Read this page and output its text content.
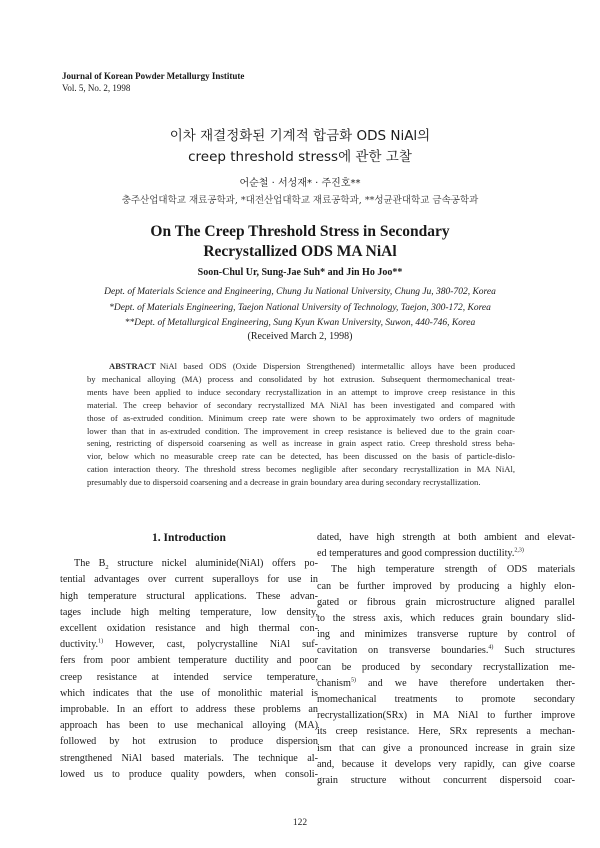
Journal of Korean Powder Metallurgy Institute
Vol. 5, No. 2, 1998
이차 재결정화된 기계적 합금화 ODS NiAl의
creep threshold stress에 관한 고찰
어순철 · 서성재* · 주진호**
충주산업대학교 재료공학과, *대전산업대학교 재료공학과, **성균관대학교 금속공학과
On The Creep Threshold Stress in Secondary
Recrystallized ODS MA NiAl
Soon-Chul Ur, Sung-Jae Suh* and Jin Ho Joo**
Dept. of Materials Science and Engineering, Chung Ju National University, Chung Ju, 380-702, Korea
*Dept. of Materials Engineering, Taejon National University of Technology, Taejon, 300-172, Korea
**Dept. of Metallurgical Engineering, Sung Kyun Kwan University, Suwon, 440-746, Korea
(Received March 2, 1998)
ABSTRACT NiAl based ODS (Oxide Dispersion Strengthened) intermetallic alloys have been produced
by mechanical alloying (MA) process and consolidated by hot extrusion. Subsequent thermomechanical treat-
ments have been applied to induce secondary recrystallization in an attempt to improve creep resistance in this
material. The creep behavior of secondary recrystallized MA NiAl has been investigated and compared with
those of as-extruded condition. Minimum creep rate were shown to be approximately two orders of magnitude
lower than that in as-extruded condition. The improvement in creep resistance is believed due to the grain coar-
sening, restricting of dispersoid coarsening as well as increase in grain aspect ratio. Creep threshold stress beha-
vior, below which no measurable creep rate can be detected, has been discussed on the basis of particle-dislo-
cation interaction theory. The threshold stress becomes negligible after secondary recrystallization in MA NiAl,
presumably due to dispersoid coarsening and a decrease in grain boundary area during secondary recrystallization.
1. Introduction
The $B_2$ structure nickel aluminide(NiAl) offers po-
tential advantages over current superalloys for use in
high temperature structural applications. These advan-
tages include high melting temperature, low density,
excellent oxidation resistance and high thermal con-
ductivity.$^{1)}$ However, cast, polycrystalline NiAl suf-
fers from poor ambient temperature ductility and poor
creep resistance at intended service temperature,
which indicates that the use of monolithic material is
improbable. In an effort to address these problems an
approach has been to use mechanical alloying (MA)
followed by hot extrusion to produce dispersion
strengthened NiAl based materials. The technique al-
lowed us to produce quality powders, when consoli-
dated, have high strength at both ambient and elevat-
ed temperatures and good compression ductility.$^{2,3)}$
The high temperature strength of ODS materials
can be further improved by producing a highly elon-
gated or fibrous grain microstructure aligned parallel
to the stress axis, which reduces grain boundary slid-
ing and minimizes transverse rupture by control of
cavitation on transverse boundaries.$^{4)}$ Such structures
can be produced by secondary recrystallization me-
chanism$^{5)}$ and we have therefore undertaken ther-
momechanical treatments to promote secondary
recrystallization(SRx) in MA NiAl to further improve
its creep resistance. Here, SRx represents a mechan-
ism that can give a pronounced increase in grain size
and, because it develops very rapidly, can give coarse
grain structure without concurrent dispersoid coar-
122
